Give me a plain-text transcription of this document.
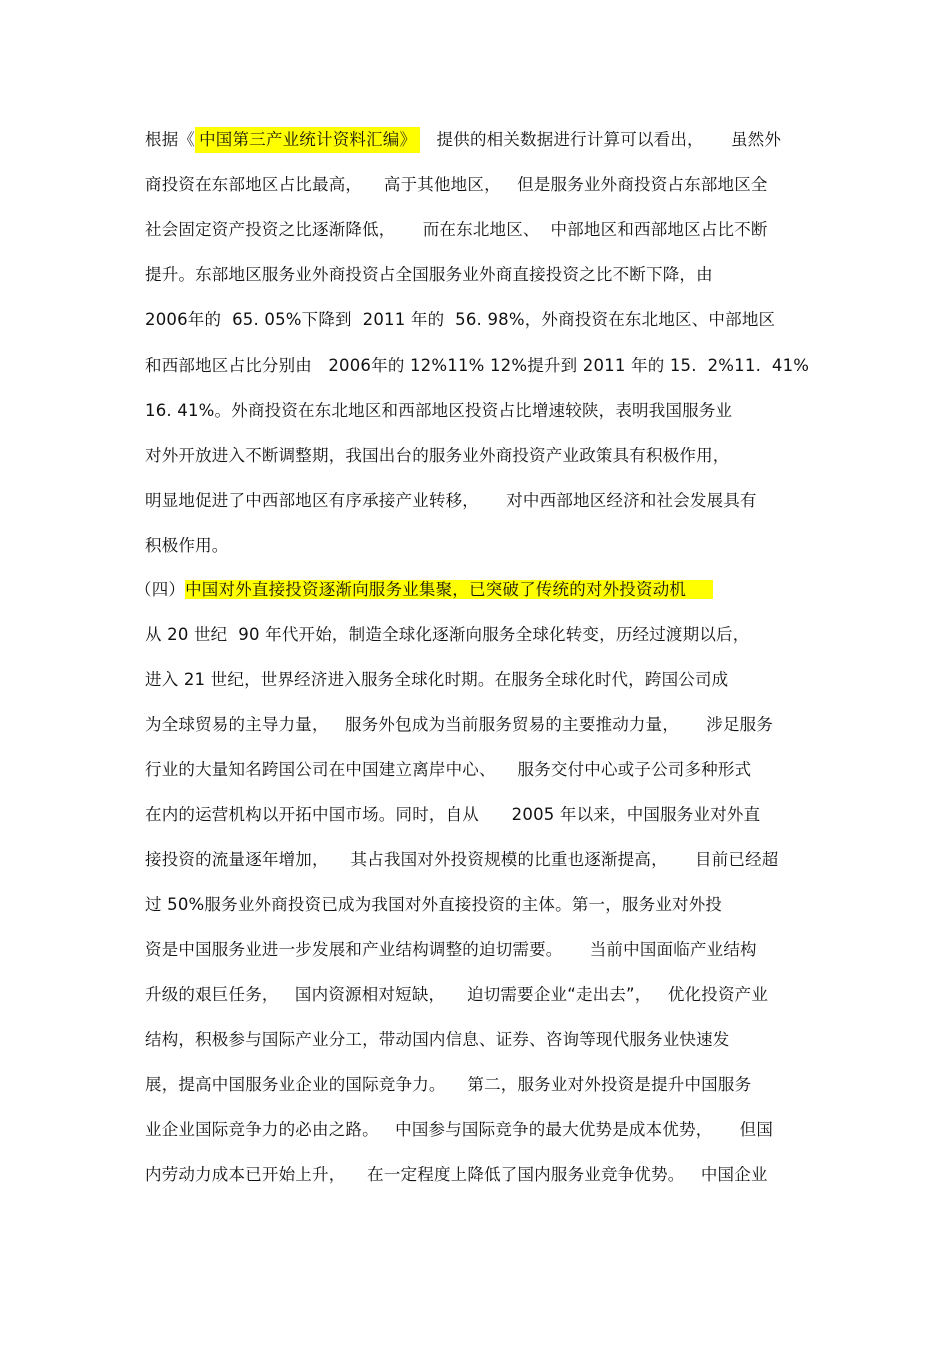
根据《 中国第三产业统计资料汇编》   提供的相关数据进行计算可以看出，     虽然外
商投资在东部地区占比最高，    高于其他地区，   但是服务业外商投资占东部地区全
社会固定资产投资之比逐渐降低，     而在东北地区、  中部地区和西部地区占比不断
提升。东部地区服务业外商投资占全国服务业外商直接投资之比不断下降，由
2006年的  65. 05%下降到  2011 年的  56. 98%，外商投资在东北地区、中部地区
和西部地区占比分别由   2006年的 12%11% 12%提升到 2011 年的 15.  2%11.  41%
16. 41%。外商投资在东北地区和西部地区投资占比增速较陕，表明我国服务业
对外开放进入不断调整期，我国出台的服务业外商投资产业政策具有积极作用，
明显地促进了中西部地区有序承接产业转移，     对中西部地区经济和社会发展具有
积极作用。
（四）中国对外直接投资逐渐向服务业集聚，已突破了传统的对外投资动机
从 20 世纪  90 年代开始，制造全球化逐渐向服务全球化转变，历经过渡期以后，
进入 21 世纪，世界经济进入服务全球化时期。在服务全球化时代，跨国公司成
为全球贸易的主导力量，   服务外包成为当前服务贸易的主要推动力量，     涉足服务
行业的大量知名跨国公司在中国建立离岸中心、    服务交付中心或子公司多种形式
在内的运营机构以开拓中国市场。同时，自从      2005 年以来，中国服务业对外直
接投资的流量逐年增加，    其占我国对外投资规模的比重也逐渐提高，     目前已经超
过 50%服务业外商投资已成为我国对外直接投资的主体。第一，服务业对外投
资是中国服务业进一步发展和产业结构调整的迫切需要。     当前中国面临产业结构
升级的艰巨任务，   国内资源相对短缺，    迫切需要企业“走出去”，   优化投资产业
结构，积极参与国际产业分工，带动国内信息、证券、咨询等现代服务业快速发
展，提高中国服务业企业的国际竞争力。    第二，服务业对外投资是提升中国服务
业企业国际竞争力的必由之路。   中国参与国际竞争的最大优势是成本优势，     但国
内劳动力成本已开始上升，    在一定程度上降低了国内服务业竞争优势。   中国企业
